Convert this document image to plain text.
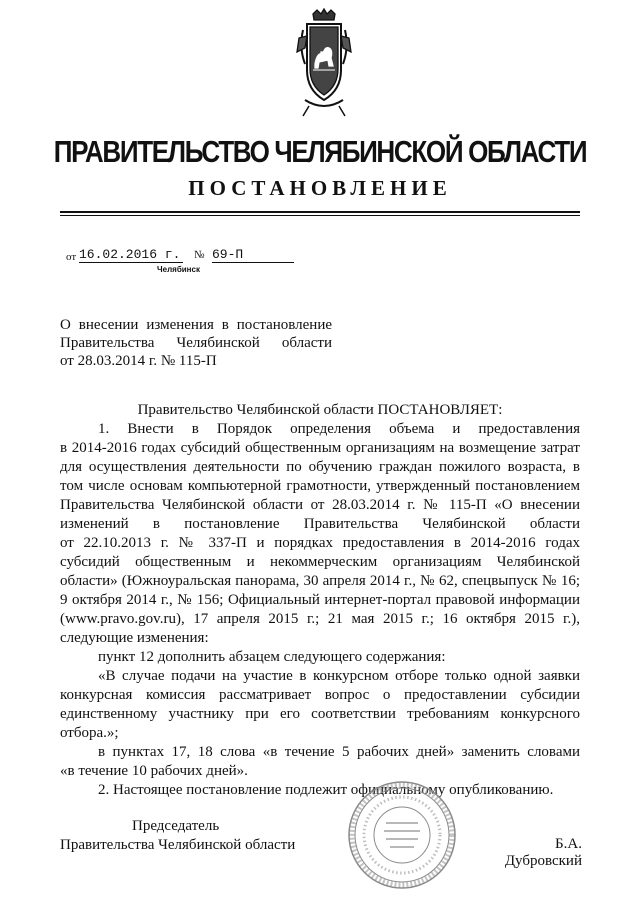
ПРАВИТЕЛЬСТВО ЧЕЛЯБИНСКОЙ ОБЛАСТИ
ПОСТАНОВЛЕНИЕ
от 16.02.2016 г. № 69-П
Челябинск
О внесении изменения в постановление
Правительства Челябинской области
от 28.03.2014 г. № 115-П
Правительство Челябинской области ПОСТАНОВЛЯЕТ:
1. Внести в Порядок определения объема и предоставления
в 2014-2016 годах субсидий общественным организациям на возмещение затрат
для осуществления деятельности по обучению граждан пожилого возраста, в
том числе основам компьютерной грамотности, утвержденный постановлением
Правительства Челябинской области от 28.03.2014 г. № 115-П «О внесении
изменений в постановление Правительства Челябинской области
от 22.10.2013 г. № 337-П и порядках предоставления в 2014-2016 годах
субсидий общественным и некоммерческим организациям Челябинской
области» (Южноуральская панорама, 30 апреля 2014 г., № 62, спецвыпуск № 16;
9 октября 2014 г., № 156; Официальный интернет-портал правовой информации
(www.pravo.gov.ru), 17 апреля 2015 г.; 21 мая 2015 г.; 16 октября 2015 г.),
следующие изменения:
пункт 12 дополнить абзацем следующего содержания:
«В случае подачи на участие в конкурсном отборе только одной заявки
конкурсная комиссия рассматривает вопрос о предоставлении субсидии
единственному участнику при его соответствии требованиям конкурсного
отбора.»;
в пунктах 17, 18 слова «в течение 5 рабочих дней» заменить словами
«в течение 10 рабочих дней».
2. Настоящее постановление подлежит официальному опубликованию.
Председатель
Правительства Челябинской области	Б.А. Дубровский
